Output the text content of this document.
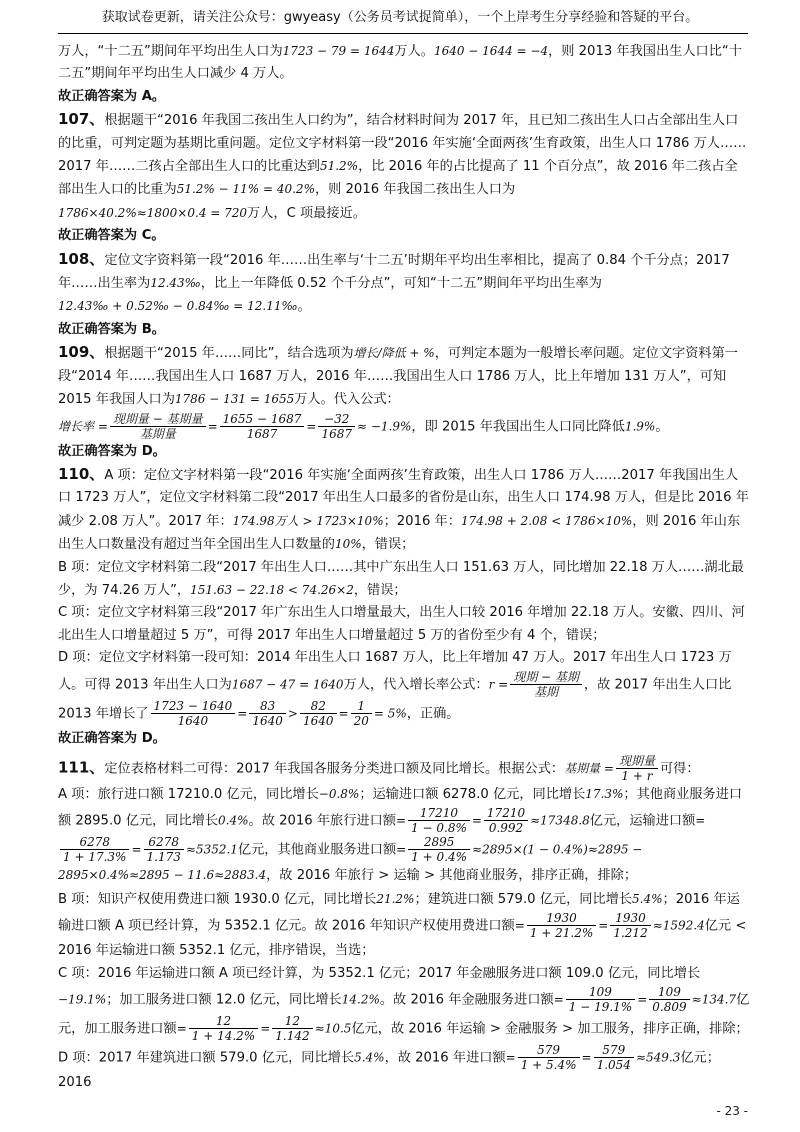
获取试卷更新，请关注公众号：gwyeasy（公务员考试捉简单），一个上岸考生分享经验和答疑的平台。

万人，“十二五”期间年平均出生人口为1723 − 79 = 1644万人。1640 − 1644 = −4，则 2013 年我国出生人口比“十二五”期间年平均出生人口减少 4 万人。

故正确答案为 A。

107、根据题干“2016 年我国二孩出生人口约为”，结合材料时间为 2017 年，且已知二孩出生人口占全部出生人口的比重，可判定题为基期比重问题。定位文字材料第一段“2016 年实施‘全面两孩’生育政策，出生人口 1786 万人……2017 年……二孩占全部出生人口的比重达到51.2%，比 2016 年的占比提高了 11 个百分点”，故 2016 年二孩占全部出生人口的比重为51.2% − 11% = 40.2%，则 2016 年我国二孩出生人口为
1786×40.2%≈1800×0.4 = 720万人，C 项最接近。

故正确答案为 C。

108、定位文字资料第一段“2016 年……出生率与‘十二五’时期年平均出生率相比，提高了 0.84 个千分点；2017 年……出生率为12.43‰，比上一年降低 0.52 个千分点”，可知“十二五”期间年平均出生率为
12.43‰ + 0.52‰ − 0.84‰ = 12.11‰。

故正确答案为 B。

109、根据题干“2015 年……同比”，结合选项为增长/降低 + %，可判定本题为一般增长率问题。定位文字资料第一段“2014 年……我国出生人口 1687 万人，2016 年……我国出生人口 1786 万人，比上年增加 131 万人”，可知 2015 年我国人口为1786 − 131 = 1655万人。代入公式：
增长率 = $\frac{\text{现期量 − 基期量}}{\text{基期量}} = \frac{1655 - 1687}{1687} = \frac{-32}{1687} \approx -1.9\%$，即 2015 年我国出生人口同比降低1.9%。

故正确答案为 D。

110、A 项：定位文字材料第一段“2016 年实施‘全面两孩’生育政策，出生人口 1786 万人……2017 年我国出生人口 1723 万人”，定位文字材料第二段“2017 年出生人口最多的省份是山东，出生人口 174.98 万人，但是比 2016 年减少 2.08 万人”。2017 年：174.98万人 > 1723×10%；2016 年：174.98 + 2.08 < 1786×10%，则 2016 年山东出生人口数量没有超过当年全国出生人口数量的10%，错误；

B 项：定位文字材料第二段“2017 年出生人口……其中广东出生人口 151.63 万人，同比增加 22.18 万人……湖北最少，为 74.26 万人”，151.63 − 22.18 < 74.26×2，错误；

C 项：定位文字材料第三段“2017 年广东出生人口增量最大，出生人口较 2016 年增加 22.18 万人。安徽、四川、河北出生人口增量超过 5 万”，可得 2017 年出生人口增量超过 5 万的省份至少有 4 个，错误；

D 项：定位文字材料第一段可知：2014 年出生人口 1687 万人，比上年增加 47 万人。2017 年出生人口 1723 万人。可得 2013 年出生人口为1687 − 47 = 1640万人，代入增长率公式：$r = \frac{\text{现期 − 基期}}{\text{基期}}$ ，故 2017 年出生人口比 2013 年增长了 $\frac{1723 - 1640}{1640} = \frac{83}{1640} > \frac{82}{1640} = \frac{1}{20} = 5\%$，正确。

故正确答案为 D。

111、定位表格材料二可得：2017 年我国各服务分类进口额及同比增长。根据公式：基期量 = $\frac{\text{现期量}}{1 + r}$ 可得：

A 项：旅行进口额 17210.0 亿元，同比增长−0.8%；运输进口额 6278.0 亿元，同比增长17.3%；其他商业服务进口额 2895.0 亿元，同比增长0.4%。故 2016 年旅行进口额= $\frac{17210}{1 - 0.8\%} = \frac{17210}{0.992} \approx 17348.8$亿元，运输进口额=
$\frac{6278}{1 + 17.3\%} = \frac{6278}{1.173} \approx 5352.1$亿元，其他商业服务进口额= $\frac{2895}{1 + 0.4\%} \approx 2895\times(1 - 0.4\%)\approx 2895 - 2895\times 0.4\%\approx 2895 - 11.6\approx 2883.4$，故 2016 年旅行 > 运输 > 其他商业服务，排序正确，排除；

B 项：知识产权使用费进口额 1930.0 亿元，同比增长21.2%；建筑进口额 579.0 亿元，同比增长5.4%；2016 年运输进口额 A 项已经计算，为 5352.1 亿元。故 2016 年知识产权使用费进口额= $\frac{1930}{1 + 21.2\%} = \frac{1930}{1.212} \approx 1592.4$亿元 < 2016 年运输进口额 5352.1 亿元，排序错误，当选；

C 项：2016 年运输进口额 A 项已经计算，为 5352.1 亿元；2017 年金融服务进口额 109.0 亿元，同比增长−19.1%；加工服务进口额 12.0 亿元，同比增长14.2%。故 2016 年金融服务进口额= $\frac{109}{1 - 19.1\%} = \frac{109}{0.809} \approx 134.7$亿元，加工服务进口额= $\frac{12}{1 + 14.2\%} = \frac{12}{1.142} \approx 10.5$亿元，故 2016 年运输 > 金融服务 > 加工服务，排序正确，排除；

D 项：2017 年建筑进口额 579.0 亿元，同比增长5.4%，故 2016 年进口额= $\frac{579}{1 + 5.4\%} = \frac{579}{1.054} \approx 549.3$亿元；2016

- 23 -
